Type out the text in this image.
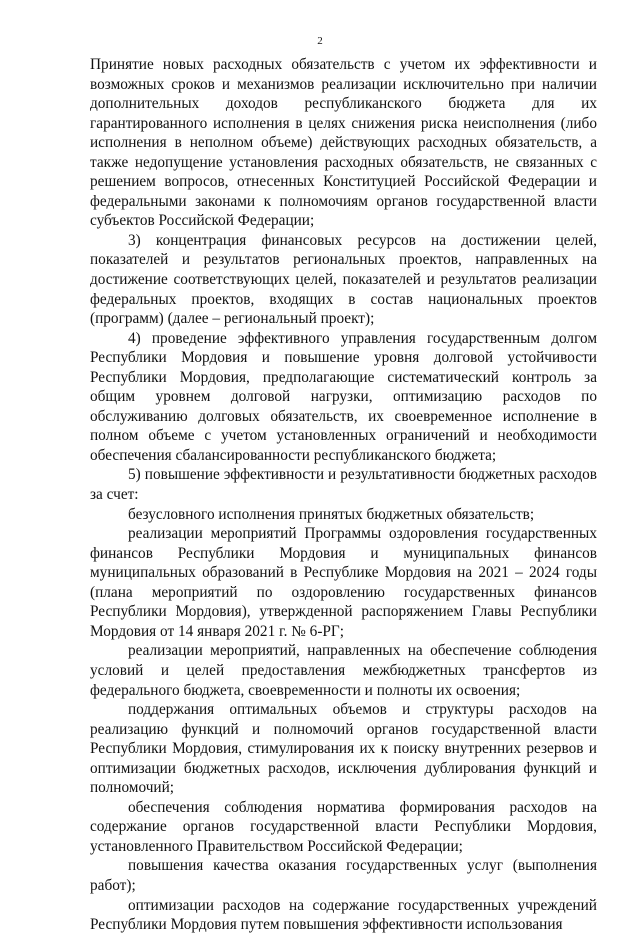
2

Принятие новых расходных обязательств с учетом их эффективности и возможных сроков и механизмов реализации исключительно при наличии дополнительных доходов республиканского бюджета для их гарантированного исполнения в целях снижения риска неисполнения (либо исполнения в неполном объеме) действующих расходных обязательств, а также недопущение установления расходных обязательств, не связанных с решением вопросов, отнесенных Конституцией Российской Федерации и федеральными законами к полномочиям органов государственной власти субъектов Российской Федерации;

3) концентрация финансовых ресурсов на достижении целей, показателей и результатов региональных проектов, направленных на достижение соответствующих целей, показателей и результатов реализации федеральных проектов, входящих в состав национальных проектов (программ) (далее – региональный проект);

4) проведение эффективного управления государственным долгом Республики Мордовия и повышение уровня долговой устойчивости Республики Мордовия, предполагающие систематический контроль за общим уровнем долговой нагрузки, оптимизацию расходов по обслуживанию долговых обязательств, их своевременное исполнение в полном объеме с учетом установленных ограничений и необходимости обеспечения сбалансированности республиканского бюджета;

5) повышение эффективности и результативности бюджетных расходов за счет:

безусловного исполнения принятых бюджетных обязательств;

реализации мероприятий Программы оздоровления государственных финансов Республики Мордовия и муниципальных финансов муниципальных образований в Республике Мордовия на 2021 – 2024 годы (плана мероприятий по оздоровлению государственных финансов Республики Мордовия), утвержденной распоряжением Главы Республики Мордовия от 14 января 2021 г. № 6-РГ;

реализации мероприятий, направленных на обеспечение соблюдения условий и целей предоставления межбюджетных трансфертов из федерального бюджета, своевременности и полноты их освоения;

поддержания оптимальных объемов и структуры расходов на реализацию функций и полномочий органов государственной власти Республики Мордовия, стимулирования их к поиску внутренних резервов и оптимизации бюджетных расходов, исключения дублирования функций и полномочий;

обеспечения соблюдения норматива формирования расходов на содержание органов государственной власти Республики Мордовия, установленного Правительством Российской Федерации;

повышения качества оказания государственных услуг (выполнения работ);

оптимизации расходов на содержание государственных учреждений Республики Мордовия путем повышения эффективности использования
